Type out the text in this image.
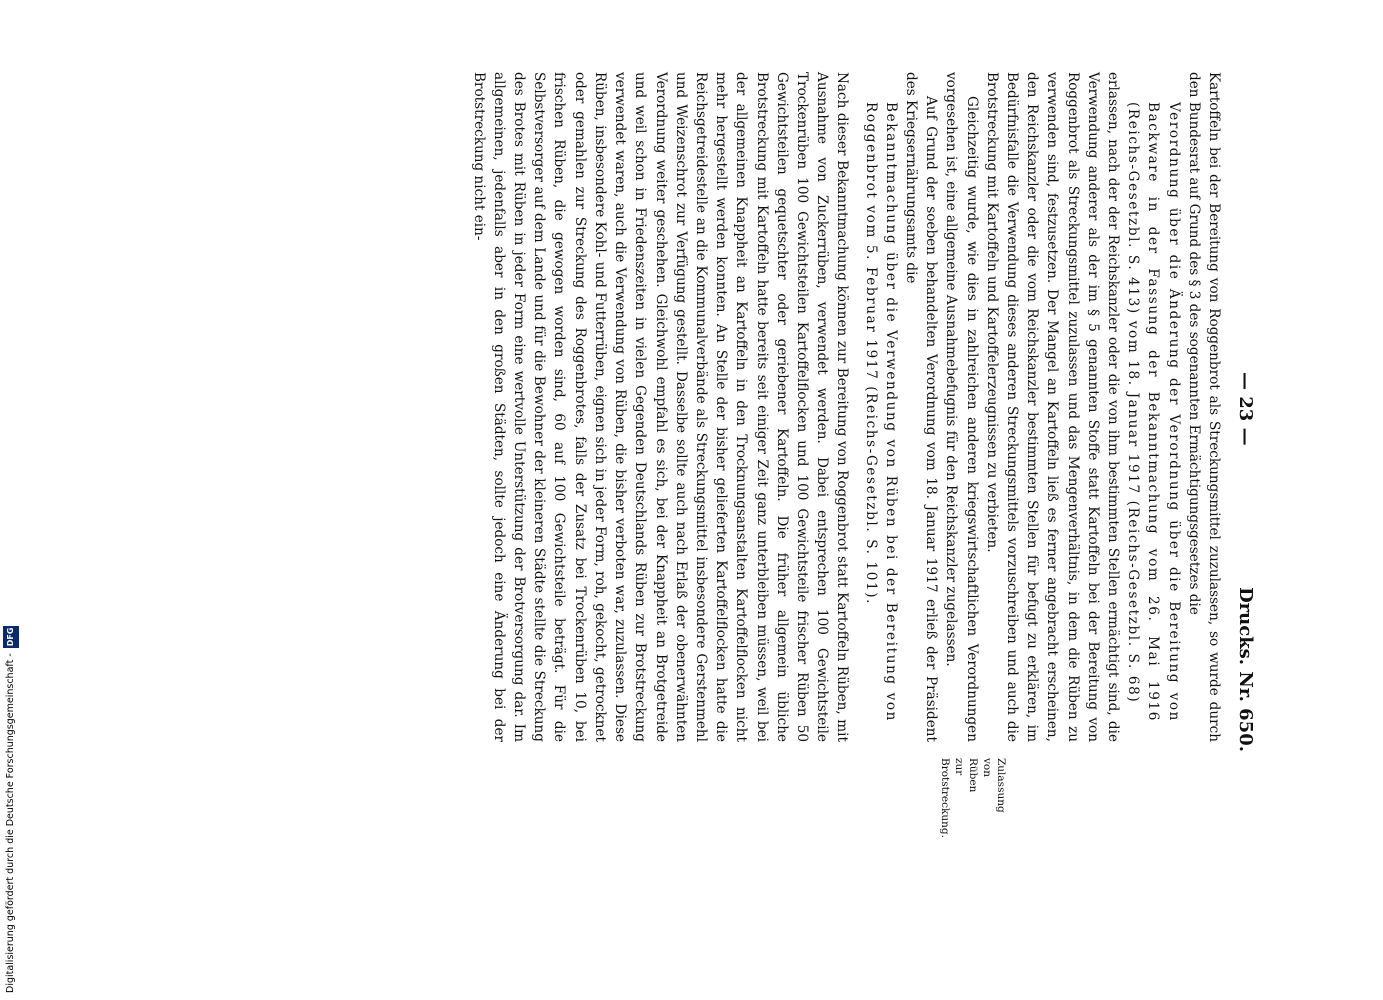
— 23 —
Drucks. Nr. 650.

Kartoffeln bei der Bereitung von Roggenbrot als Streckungsmittel zuzulassen, so wurde durch den Bundesrat auf Grund des § 3 des sogenannten Ermächtigungsgesetzes die

Verordnung über die Änderung der Verordnung über die Bereitung von Backware in der Fassung der Bekanntmachung vom 26. Mai 1916 (Reichs-Gesetzbl. S. 413) vom 18. Januar 1917 (Reichs-Gesetzbl. S. 68)

erlassen, nach der der Reichskanzler oder die von ihm bestimmten Stellen ermächtigt sind, die Verwendung anderer als der im § 5 genannten Stoffe statt Kartoffeln bei der Bereitung von Roggenbrot als Streckungsmittel zuzulassen und das Mengenverhältnis, in dem die Rüben zu verwenden sind, festzusetzen. Der Mangel an Kartoffeln ließ es ferner angebracht erscheinen, den Reichskanzler oder die vom Reichskanzler bestimmten Stellen für befugt zu erklären, im Bedürfnisfalle die Verwendung dieses anderen Streckungsmittels vorzuschreiben und auch die Brotstreckung mit Kartoffeln und Kartoffelerzeugnissen zu verbieten.

Gleichzeitig wurde, wie dies in zahlreichen anderen kriegswirtschaftlichen Verordnungen vorgesehen ist, eine allgemeine Ausnahmebefugnis für den Reichskanzler zugelassen.

Auf Grund der soeben behandelten Verordnung vom 18. Januar 1917 erließ der Präsident des Kriegsernährungsamts die

Bekanntmachung über die Verwendung von Rüben bei der Bereitung von Roggenbrot vom 5. Februar 1917 (Reichs-Gesetzbl. S. 101).

Nach dieser Bekanntmachung können zur Bereitung von Roggenbrot statt Kartoffeln Rüben, mit Ausnahme von Zuckerrüben, verwendet werden. Dabei entsprechen 100 Gewichtsteile Trockenrüben 100 Gewichtsteilen Kartoffelflocken und 100 Gewichtsteile frischer Rüben 50 Gewichtsteilen gequetschter oder geriebener Kartoffeln. Die früher allgemein übliche Brotstreckung mit Kartoffeln hatte bereits seit einiger Zeit ganz unterbleiben müssen, weil bei der allgemeinen Knappheit an Kartoffeln in den Trocknungsanstalten Kartoffelflocken nicht mehr hergestellt werden konnten. An Stelle der bisher gelieferten Kartoffelflocken hatte die Reichsgetreidestelle an die Kommunalverbände als Streckungsmittel insbesondere Gerstenmehl und Weizenschrot zur Verfügung gestellt. Dasselbe sollte auch nach Erlaß der obenerwähnten Verordnung weiter geschehen. Gleichwohl empfahl es sich, bei der Knappheit an Brotgetreide und weil schon in Friedenszeiten in vielen Gegenden Deutschlands Rüben zur Brotstreckung verwendet waren, auch die Verwendung von Rüben, die bisher verboten war, zuzulassen. Diese Rüben, insbesondere Kohl- und Futterrüben, eignen sich in jeder Form, roh, gekocht, getrocknet oder gemahlen zur Streckung des Roggenbrotes, falls der Zusatz bei Trockenrüben 10, bei frischen Rüben, die gewogen worden sind, 60 auf 100 Gewichtsteile beträgt. Für die Selbstversorger auf dem Lande und für die Bewohner der kleineren Städte stellte die Streckung des Brotes mit Rüben in jeder Form eine wertvolle Unterstützung der Brotversorgung dar. Im allgemeinen, jedenfalls aber in den großen Städten, sollte jedoch eine Änderung bei der Brotstreckung nicht ein-

Zulassung von Rüben zur Brotstreckung.
Digitalisierung gefördert durch die Deutsche Forschungsgemeinschaft - DFG
